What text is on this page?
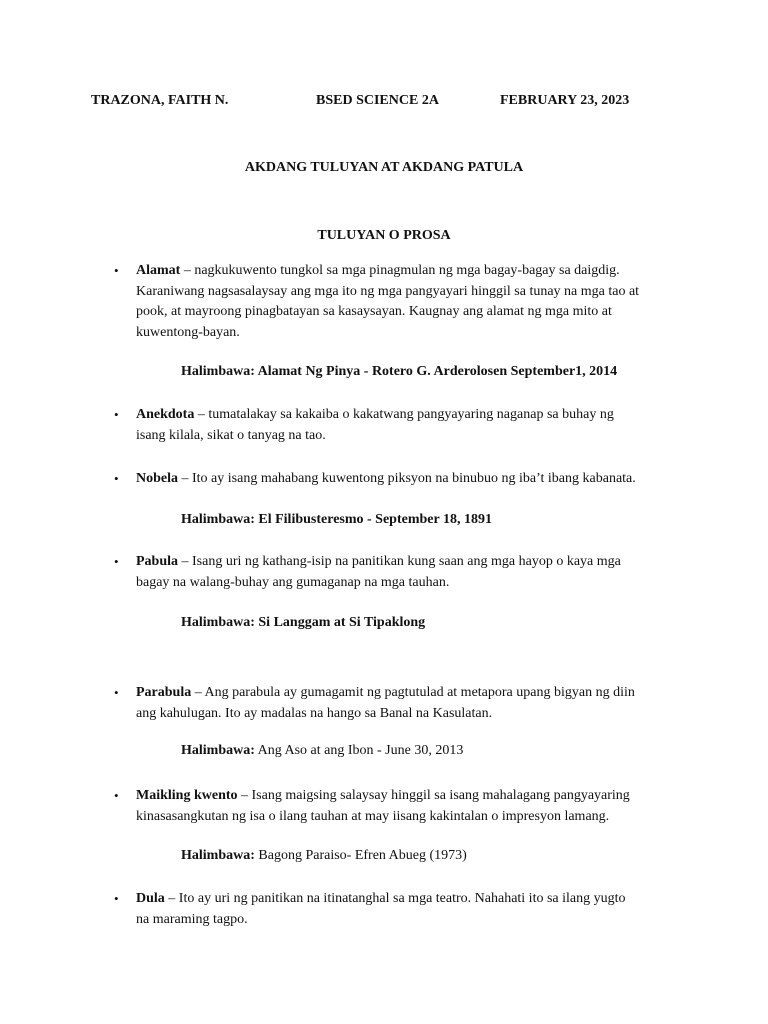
TRAZONA, FAITH N.	BSED SCIENCE 2A	FEBRUARY 23, 2023
AKDANG TULUYAN AT AKDANG PATULA
TULUYAN O PROSA
• Alamat – nagkukuwento tungkol sa mga pinagmulan ng mga bagay-bagay sa daigdig.
Karaniwang nagsasalaysay ang mga ito ng mga pangyayari hinggil sa tunay na mga tao at
pook, at mayroong pinagbatayan sa kasaysayan. Kaugnay ang alamat ng mga mito at
kuwentong-bayan.
Halimbawa: Alamat Ng Pinya - Rotero G. Arderolosen September1, 2014
• Anekdota – tumatalakay sa kakaiba o kakatwang pangyayaring naganap sa buhay ng
isang kilala, sikat o tanyag na tao.
• Nobela – Ito ay isang mahabang kuwentong piksyon na binubuo ng iba’t ibang kabanata.
Halimbawa: El Filibusteresmo - September 18, 1891
• Pabula – Isang uri ng kathang-isip na panitikan kung saan ang mga hayop o kaya mga
bagay na walang-buhay ang gumaganap na mga tauhan.
Halimbawa: Si Langgam at Si Tipaklong
• Parabula – Ang parabula ay gumagamit ng pagtutulad at metapora upang bigyan ng diin
ang kahulugan. Ito ay madalas na hango sa Banal na Kasulatan.
Halimbawa: Ang Aso at ang Ibon - June 30, 2013
• Maikling kwento – Isang maigsing salaysay hinggil sa isang mahalagang pangyayaring
kinasasangkutan ng isa o ilang tauhan at may iisang kakintalan o impresyon lamang.
Halimbawa: Bagong Paraiso- Efren Abueg (1973)
• Dula – Ito ay uri ng panitikan na itinatanghal sa mga teatro. Nahahati ito sa ilang yugto
na maraming tagpo.
